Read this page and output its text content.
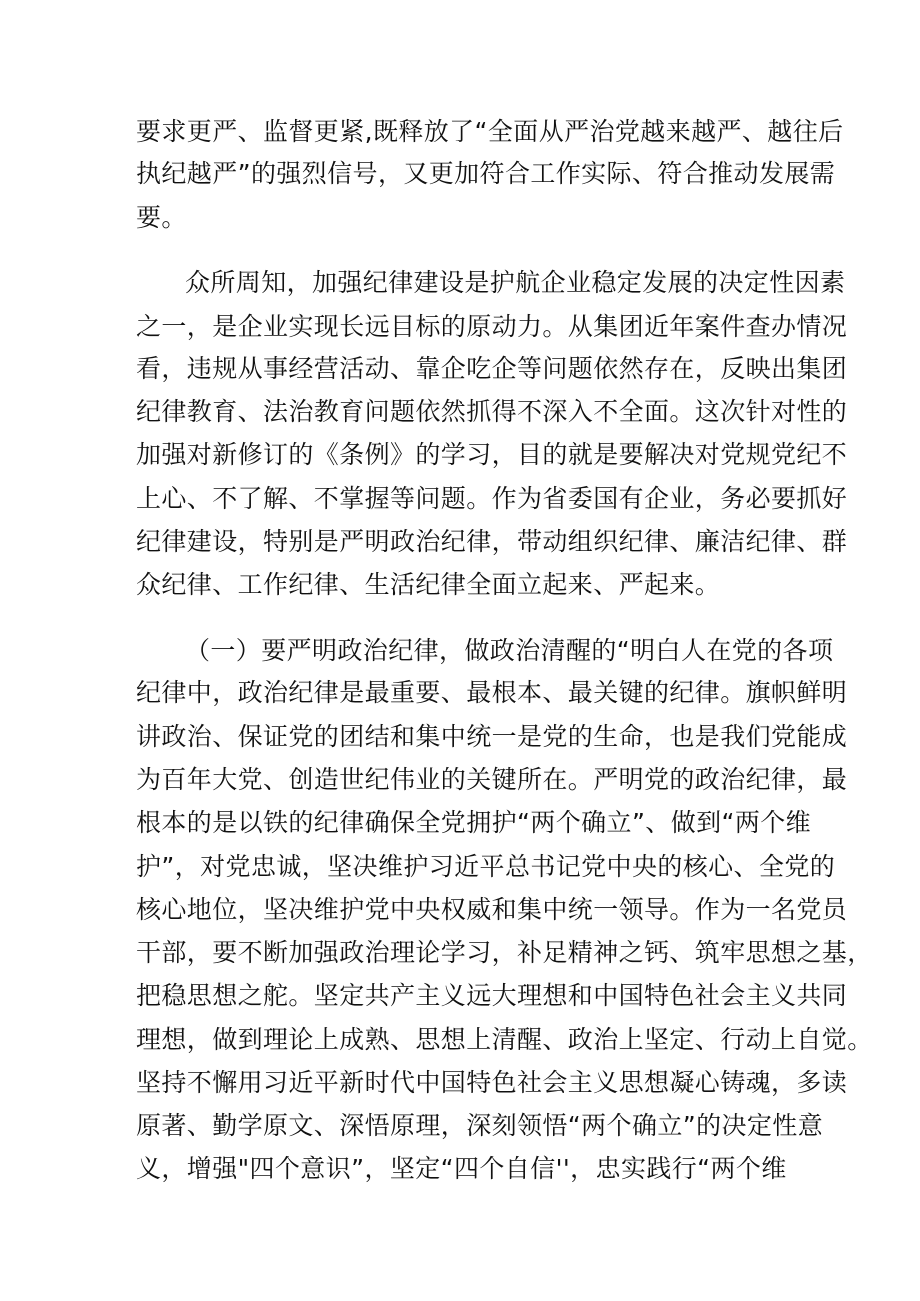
要求更严、监督更紧,既释放了“全面从严治党越来越严、越往后
执纪越严”的强烈信号，又更加符合工作实际、符合推动发展需
要。
众所周知，加强纪律建设是护航企业稳定发展的决定性因素
之一，是企业实现长远目标的原动力。从集团近年案件查办情况
看，违规从事经营活动、靠企吃企等问题依然存在，反映出集团
纪律教育、法治教育问题依然抓得不深入不全面。这次针对性的
加强对新修订的《条例》的学习，目的就是要解决对党规党纪不
上心、不了解、不掌握等问题。作为省委国有企业，务必要抓好
纪律建设，特别是严明政治纪律，带动组织纪律、廉洁纪律、群
众纪律、工作纪律、生活纪律全面立起来、严起来。
（一）要严明政治纪律，做政治清醒的“明白人在党的各项
纪律中，政治纪律是最重要、最根本、最关键的纪律。旗帜鲜明
讲政治、保证党的团结和集中统一是党的生命，也是我们党能成
为百年大党、创造世纪伟业的关键所在。严明党的政治纪律，最
根本的是以铁的纪律确保全党拥护“两个确立”、做到“两个维
护”，对党忠诚，坚决维护习近平总书记党中央的核心、全党的
核心地位，坚决维护党中央权威和集中统一领导。作为一名党员
干部，要不断加强政治理论学习，补足精神之钙、筑牢思想之基，
把稳思想之舵。坚定共产主义远大理想和中国特色社会主义共同
理想，做到理论上成熟、思想上清醒、政治上坚定、行动上自觉。
坚持不懈用习近平新时代中国特色社会主义思想凝心铸魂，多读
原著、勤学原文、深悟原理，深刻领悟“两个确立”的决定性意
义，增强"四个意识”，坚定“四个自信''，忠实践行“两个维
